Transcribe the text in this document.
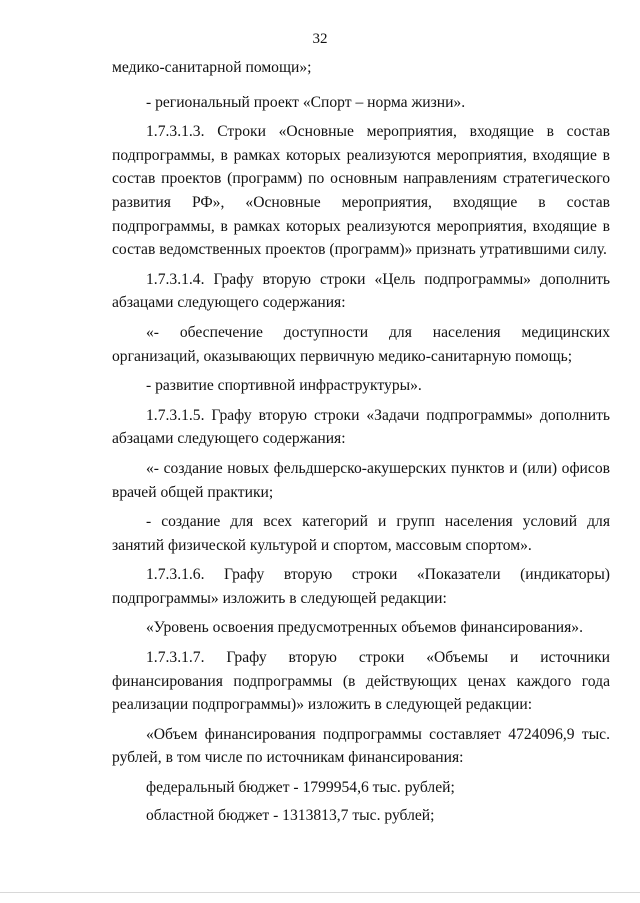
32

медико-санитарной помощи»;

- региональный проект «Спорт – норма жизни».

1.7.3.1.3. Строки «Основные мероприятия, входящие в состав подпрограммы, в рамках которых реализуются мероприятия, входящие в состав проектов (программ) по основным направлениям стратегического развития РФ», «Основные мероприятия, входящие в состав подпрограммы, в рамках которых реализуются мероприятия, входящие в состав ведомственных проектов (программ)» признать утратившими силу.

1.7.3.1.4. Графу вторую строки «Цель подпрограммы» дополнить абзацами следующего содержания:

«- обеспечение доступности для населения медицинских организаций, оказывающих первичную медико-санитарную помощь;

- развитие спортивной инфраструктуры».

1.7.3.1.5. Графу вторую строки «Задачи подпрограммы» дополнить абзацами следующего содержания:

«- создание новых фельдшерско-акушерских пунктов и (или) офисов врачей общей практики;

- создание для всех категорий и групп населения условий для занятий физической культурой и спортом, массовым спортом».

1.7.3.1.6. Графу вторую строки «Показатели (индикаторы) подпрограммы» изложить в следующей редакции:

«Уровень освоения предусмотренных объемов финансирования».

1.7.3.1.7. Графу вторую строки «Объемы и источники финансирования подпрограммы (в действующих ценах каждого года реализации подпрограммы)» изложить в следующей редакции:

«Объем финансирования подпрограммы составляет 4724096,9 тыс. рублей, в том числе по источникам финансирования:

федеральный бюджет - 1799954,6 тыс. рублей;

областной бюджет - 1313813,7 тыс. рублей;
